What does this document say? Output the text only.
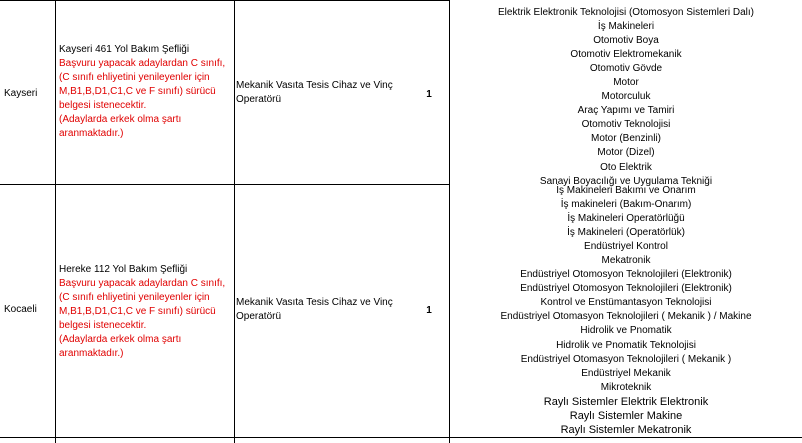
Kayseri
Kayseri 461 Yol Bakım Şefliği
Başvuru yapacak adaylardan C sınıfı, (C sınıfı ehliyetini yenileyenler için M,B1,B,D1,C1,C ve F sınıfı) sürücü belgesi istenecektir.
(Adaylarda erkek olma şartı aranmaktadır.)
Mekanik Vasıta Tesis Cihaz ve Vinç Operatörü	1
Elektrik Elektronik Teknolojisi (Otomosyon Sistemleri Dalı)
İş Makineleri
Otomotiv Boya
Otomotiv Elektromekanik
Otomotiv Gövde
Motor
Motorculuk
Araç Yapımı ve Tamiri
Otomotiv Teknolojisi
Motor (Benzinli)
Motor (Dizel)
Oto Elektrik
Sanayi Boyacılığı ve Uygulama Tekniği
Kocaeli
Hereke 112 Yol Bakım Şefliği
Başvuru yapacak adaylardan C sınıfı, (C sınıfı ehliyetini yenileyenler için M,B1,B,D1,C1,C ve F sınıfı) sürücü belgesi istenecektir.
(Adaylarda erkek olma şartı aranmaktadır.)
Mekanik Vasıta Tesis Cihaz ve Vinç Operatörü
1
İş Makineleri Bakımı ve Onarım
İş makineleri (Bakım-Onarım)
İş Makineleri Operatörlüğü
İş Makineleri (Operatörlük)
Endüstriyel Kontrol
Mekatronik
Endüstriyel Otomosyon Teknolojileri (Elektronik)
Endüstriyel Otomosyon Teknolojileri (Elektronik)
Kontrol ve Enstümantasyon Teknolojisi
Endüstriyel Otomasyon Teknolojileri ( Mekanik ) / Makine
Hidrolik ve Pnomatik
Hidrolik ve Pnomatik Teknolojisi
Endüstriyel Otomasyon Teknolojileri ( Mekanik )
Endüstriyel Mekanik
Mikroteknik
Raylı Sistemler Elektrik Elektronik
Raylı Sistemler Makine
Raylı Sistemler Mekatronik
